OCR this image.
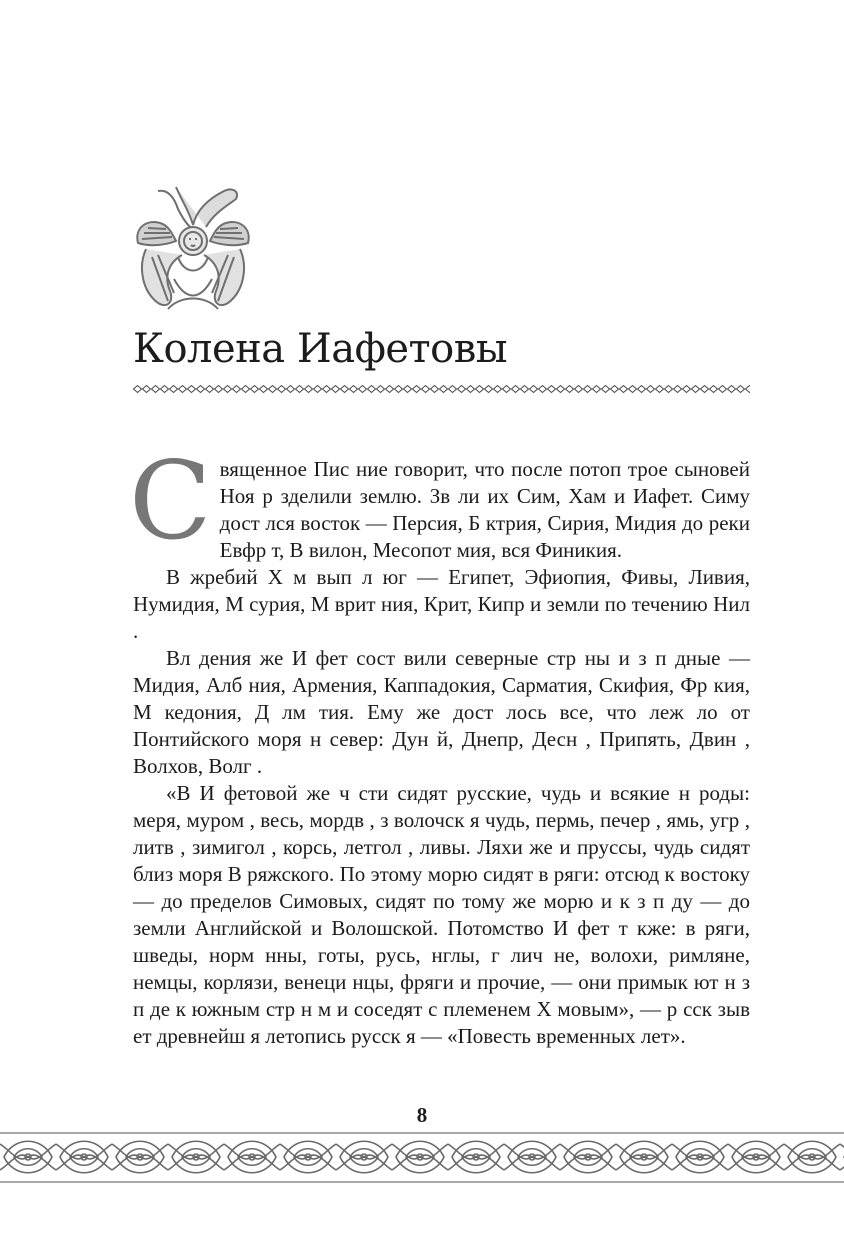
Колена Иафетовы

Священное Пис ние говорит, что после потоп трое сыновей Ноя р зделили землю. Зв ли их Сим, Хам и Иафет. Симу дост лся восток — Персия, Б ктрия, Сирия, Мидия до реки Евфр т, В вилон, Месопот мия, вся Финикия.

В жребий Х м вып л юг — Египет, Эфиопия, Фивы, Ливия, Нумидия, М сурия, М врит ния, Крит, Кипр и земли по течению Нил .

Вл дения же И фет сост вили северные стр ны и з п дные — Мидия, Алб ния, Армения, Каппадокия, Сарматия, Скифия, Фр кия, М кедония, Д лм тия. Ему же дост лось все, что леж ло от Понтийского моря н север: Дун й, Днепр, Десн , Припять, Двин , Волхов, Волг .

«В И фетовой же ч сти сидят русские, чудь и всякие н роды: меря, муром , весь, мордв , з волочск я чудь, пермь, печер , ямь, угр , литв , зимигол , корсь, летгол , ливы. Ляхи же и пруссы, чудь сидят близ моря В ряжского. По этому морю сидят в ряги: отсюд к востоку — до пределов Симовых, сидят по тому же морю и к з п ду — до земли Английской и Волошской. Потомство И фет т кже: в ряги, шведы, норм нны, готы, русь, нглы, г лич не, волохи, римляне, немцы, корлязи, венеци нцы, фряги и прочие, — они примык ют н з п де к южным стр н м и соседят с племенем Х мовым», — р сск зыв ет древнейш я летопись русск я — «Повесть временных лет».

8
